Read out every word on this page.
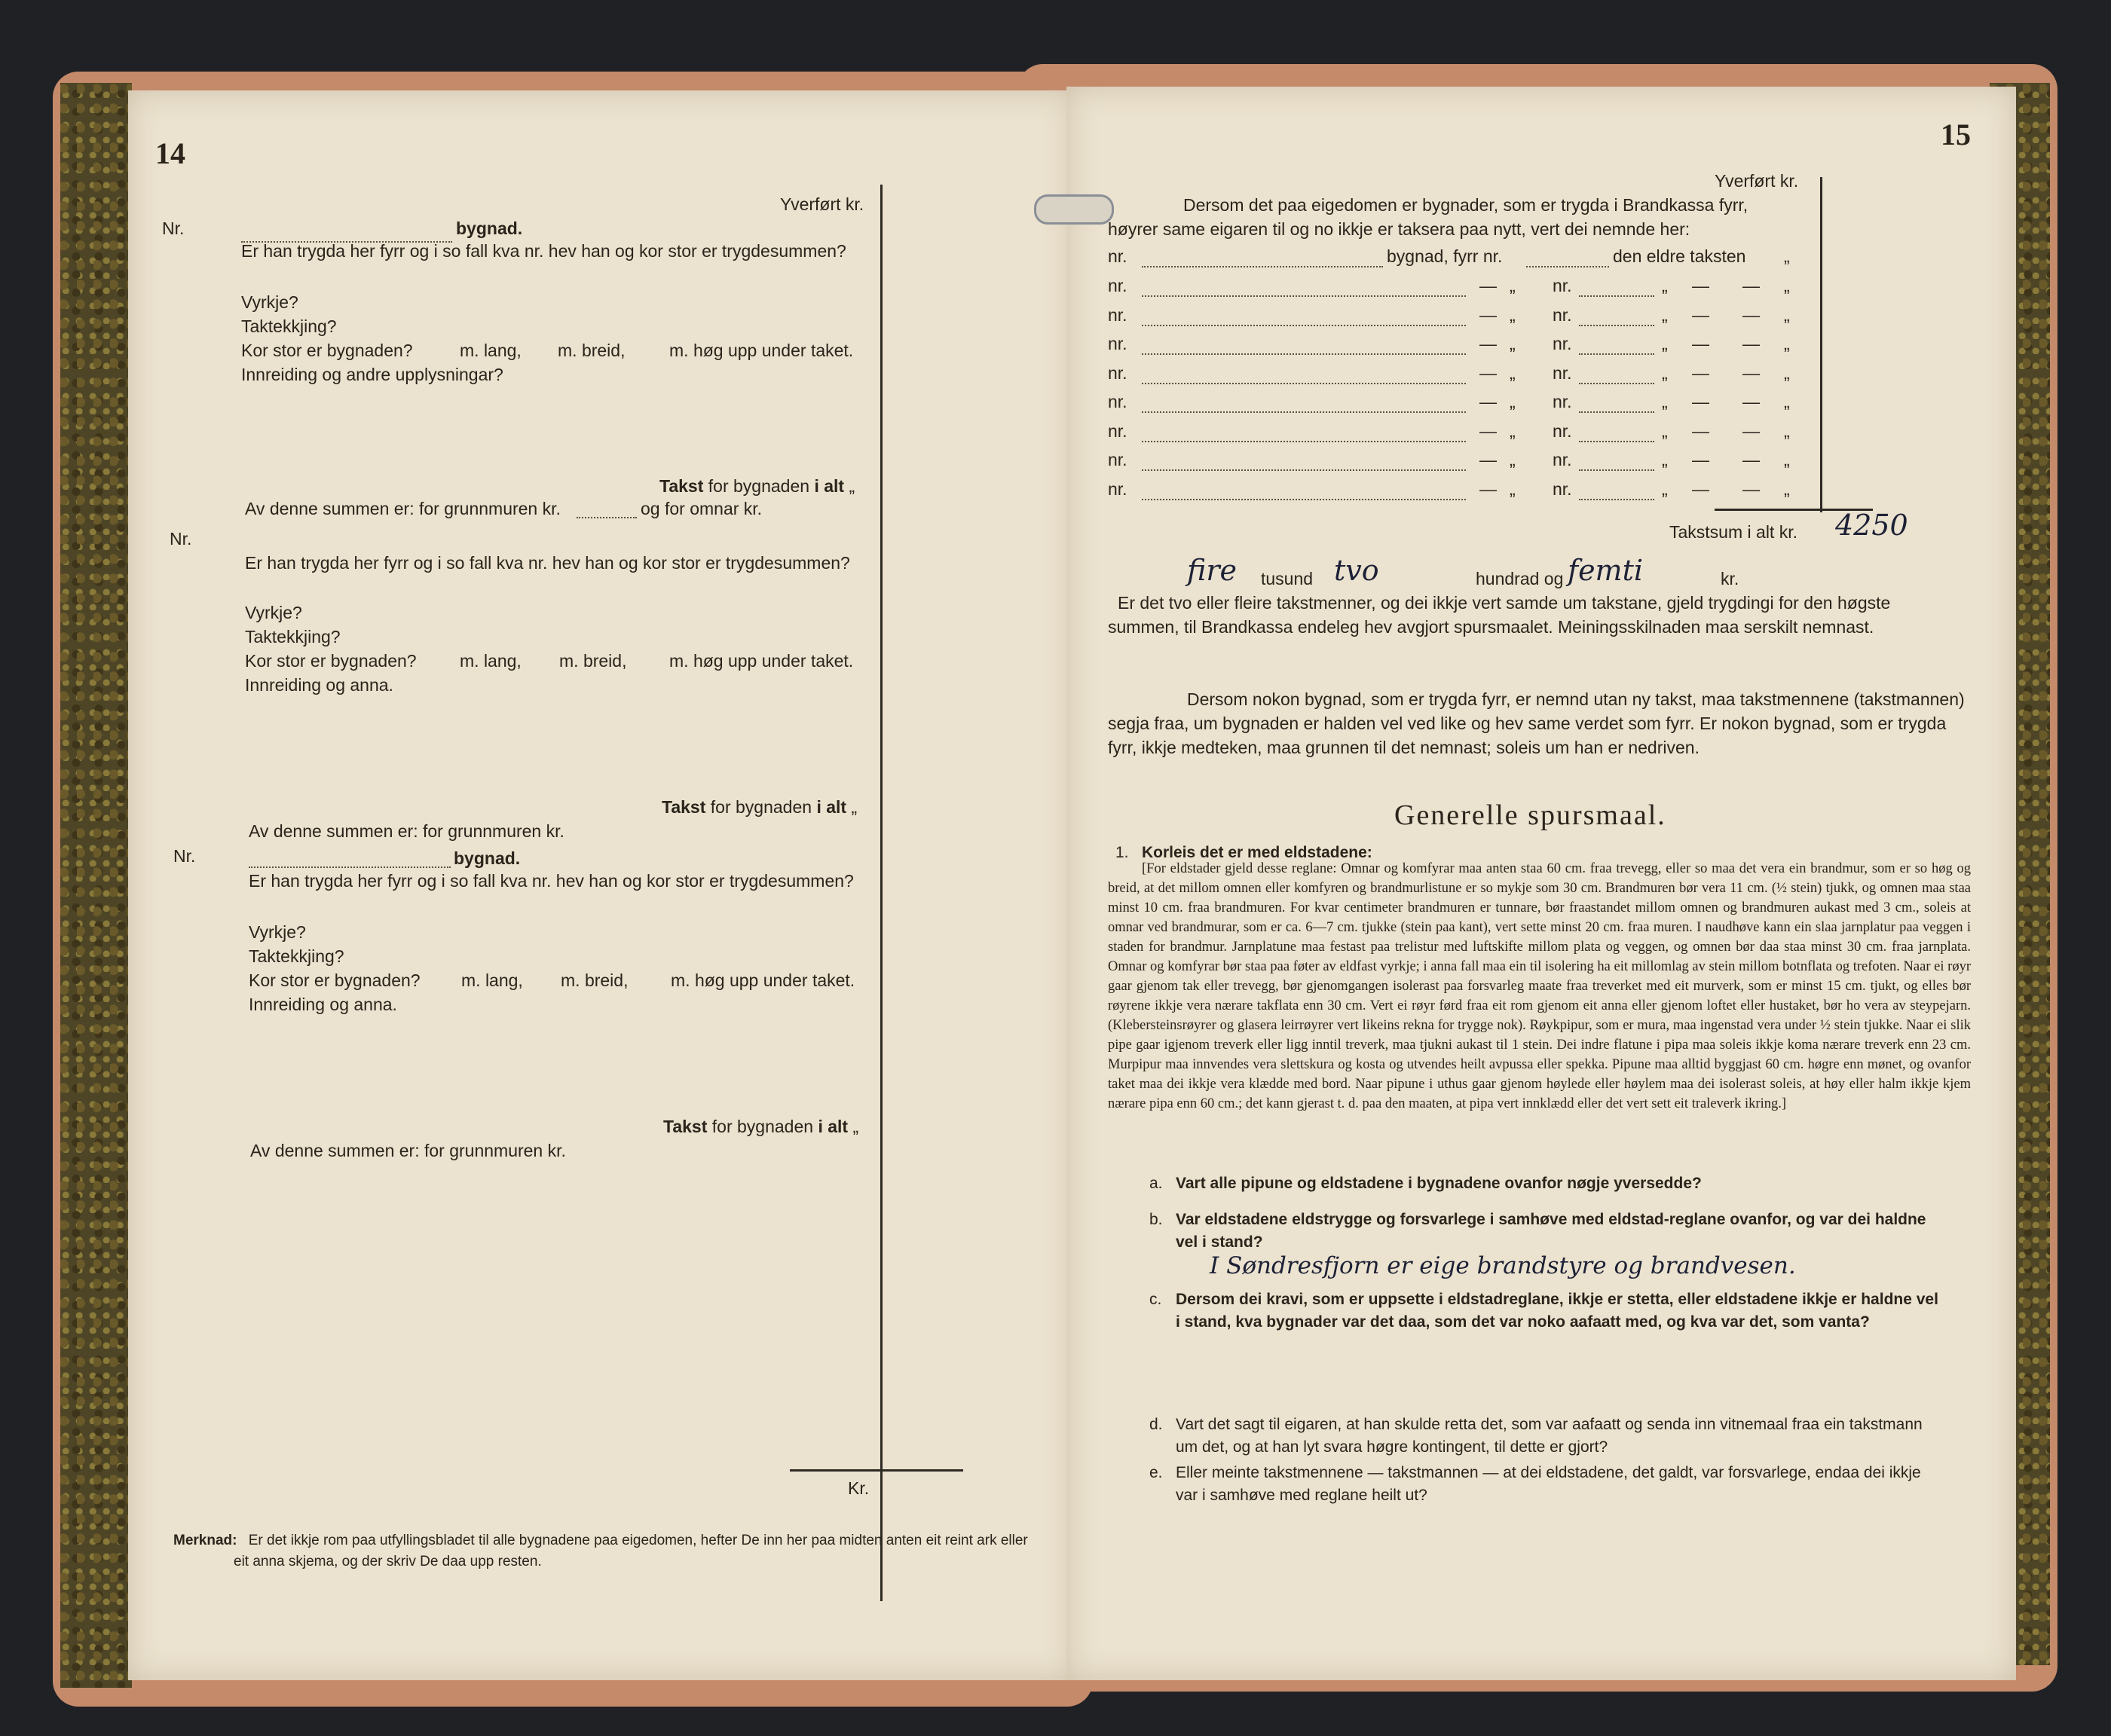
14
Yverført kr.
Nr.	bygnad.
Er han trygda her fyrr og i so fall kva nr. hev han og kor stor er trygdesummen?
Vyrkje?
Taktekkjing?
Kor stor er bygnaden?	m. lang, m. breid,	m. høg upp under taket.
Innreiding og andre upplysningar?
Takst for bygnaden i alt „
Av denne summen er: for grunnmuren kr.	og for omnar kr.
Nr.
Er han trygda her fyrr og i so fall kva nr. hev han og kor stor er trygdesummen?
Vyrkje?
Taktekkjing?
Kor stor er bygnaden? m. lang, m. breid, m. høg upp under taket.
Innreiding og anna.
Takst for bygnaden i alt „
Av denne summen er: for grunnmuren kr.
Nr.	bygnad.
Er han trygda her fyrr og i so fall kva nr. hev han og kor stor er trygdesummen?
Vyrkje?
Taktekkjing?
Kor stor er bygnaden? m. lang, m. breid, m. høg upp under taket.
Innreiding og anna.
Takst for bygnaden i alt „
Av denne summen er: for grunnmuren kr.
Kr.
Merknad: Er det ikkje rom paa utfyllingsbladet til alle bygnadene paa eigedomen, hefter De inn her paa midten anten eit reint ark eller
eit anna skjema, og der skriv De daa upp resten.
15
Yverført kr.
Dersom det paa eigedomen er bygnader, som er trygda i Brandkassa fyrr,
høyrer same eigaren til og no ikkje er taksera paa nytt, vert dei nemnde her:
nr.	bygnad, fyrr nr.	den eldre taksten „
nr.	— „ nr.	„ — — „
nr.	— „ nr.	„ — — „
nr.	— „ nr.	„ — — „
nr.	— „ nr.	„ — — „
nr.	— „ nr.	„ — — „
nr.	— „ nr.	„ — — „
nr.	— „ nr.	„ — — „
nr.	— „ nr.	„ — — „
Takstsum i alt kr. 4250
fire tusund tvo	hundrad og femti	kr.
Er det tvo eller fleire takstmenner, og dei ikkje vert samde um takstane, gjeld trygdingi for den høgste
summen, til Brandkassa endeleg hev avgjort spursmaalet. Meiningsskilnaden maa serskilt nemnast.
Dersom nokon bygnad, som er trygda fyrr, er nemnd utan ny takst, maa takstmennene (takstmannen)
segja fraa, um bygnaden er halden vel ved like og hev same verdet som fyrr. Er nokon bygnad, som er trygda
fyrr, ikkje medteken, maa grunnen til det nemnast; soleis um han er nedriven.
Generelle spursmaal.
1. Korleis det er med eldstadene:
[For eldstader gjeld desse reglane: Omnar og komfyrar maa anten staa 60 cm. fraa trevegg, eller so maa det vera ein brandmur, som er so høg og breid, at det millom omnen eller komfyren og brandmurlistune er so mykje som 30 cm. Brandmuren bør vera 11 cm. (½ stein) tjukk, og omnen maa staa minst 10 cm. fraa brandmuren. For kvar centimeter brandmuren er tunnare, bør fraastandet millom omnen og brandmuren aukast med 3 cm., soleis at omnar ved brandmurar, som er ca. 6—7 cm. tjukke (stein paa kant), vert sette minst 20 cm. fraa muren. I naudhøve kann ein slaa jarnplatur paa veggen i staden for brandmur. Jarnplatune maa festast paa trelistur med luftskifte millom plata og veggen, og omnen bør daa staa minst 30 cm. fraa jarnplata. Omnar og komfyrar bør staa paa føter av eldfast vyrkje; i anna fall maa ein til isolering ha eit millomlag av stein millom botnflata og trefoten. Naar ei røyr gaar gjenom tak eller trevegg, bør gjenomgangen isolerast paa forsvarleg maate fraa treverket med eit murverk, som er minst 15 cm. tjukt, og elles bør røyrene ikkje vera nærare takflata enn 30 cm. Vert ei røyr førd fraa eit rom gjenom eit anna eller gjenom loftet eller hustaket, bør ho vera av steypejarn. (Klebersteinsrøyrer og glasera leirrøyrer vert likeins rekna for trygge nok). Røykpipur, som er mura, maa ingenstad vera under ½ stein tjukke. Naar ei slik pipe gaar igjenom treverk eller ligg inntil treverk, maa tjukni aukast til 1 stein. Dei indre flatune i pipa maa soleis ikkje koma nærare treverk enn 23 cm. Murpipur maa innvendes vera slettskura og kosta og utvendes heilt avpussa eller spekka. Pipune maa alltid byggjast 60 cm. høgre enn mønet, og ovanfor taket maa dei ikkje vera klædde med bord. Naar pipune i uthus gaar gjenom høylede eller høylem maa dei isolerast soleis, at høy eller halm ikkje kjem nærare pipa enn 60 cm.; det kann gjerast t. d. paa den maaten, at pipa vert innklædd eller det vert sett eit traleverk ikring.]
a. Vart alle pipune og eldstadene i bygnadene ovanfor nøgje yversedde?
b. Var eldstadene eldstrygge og forsvarlege i samhøve med eldstad-reglane ovanfor, og var dei haldne
vel i stand?
I Søndresfjorn er eige brandstyre og brandvesen.
c. Dersom dei kravi, som er uppsette i eldstadreglane, ikkje er stetta, eller eldstadene ikkje er haldne vel
i stand, kva bygnader var det daa, som det var noko aafaatt med, og kva var det, som vanta?
d. Vart det sagt til eigaren, at han skulde retta det, som var aafaatt og senda inn vitnemaal fraa ein takstmann
um det, og at han lyt svara høgre kontingent, til dette er gjort?
e. Eller meinte takstmennene — takstmannen — at dei eldstadene, det galdt, var forsvarlege, endaa dei ikkje
var i samhøve med reglane heilt ut?
